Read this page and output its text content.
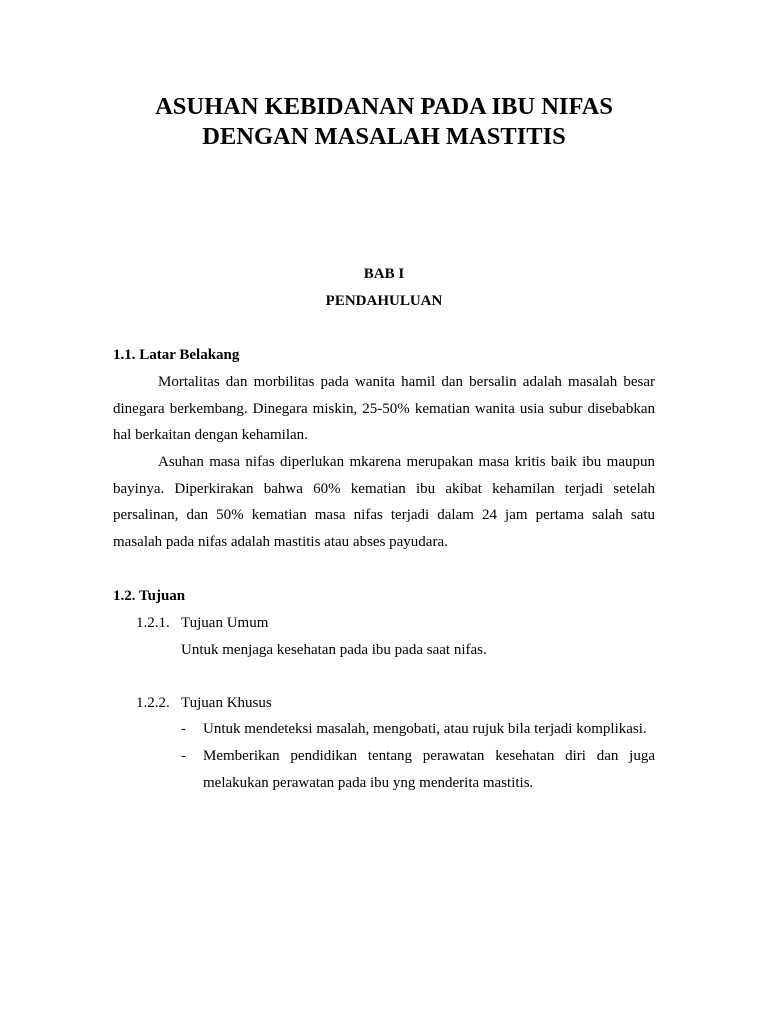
ASUHAN KEBIDANAN PADA IBU NIFAS
DENGAN MASALAH MASTITIS
BAB I
PENDAHULUAN
1.1. Latar Belakang
Mortalitas dan morbilitas pada wanita hamil dan bersalin adalah masalah besar
dinegara berkembang. Dinegara miskin, 25-50% kematian wanita usia subur disebabkan
hal berkaitan dengan kehamilan.
Asuhan masa nifas diperlukan mkarena merupakan masa kritis baik ibu maupun
bayinya. Diperkirakan bahwa 60% kematian ibu akibat kehamilan terjadi setelah
persalinan, dan 50% kematian masa nifas terjadi dalam 24 jam pertama salah satu
masalah pada nifas adalah mastitis atau abses payudara.
1.2. Tujuan
1.2.1. Tujuan Umum
Untuk menjaga kesehatan pada ibu pada saat nifas.
1.2.2. Tujuan Khusus
- Untuk mendeteksi masalah, mengobati, atau rujuk bila terjadi komplikasi.
- Memberikan pendidikan tentang perawatan kesehatan diri dan juga
melakukan perawatan pada ibu yng menderita mastitis.
